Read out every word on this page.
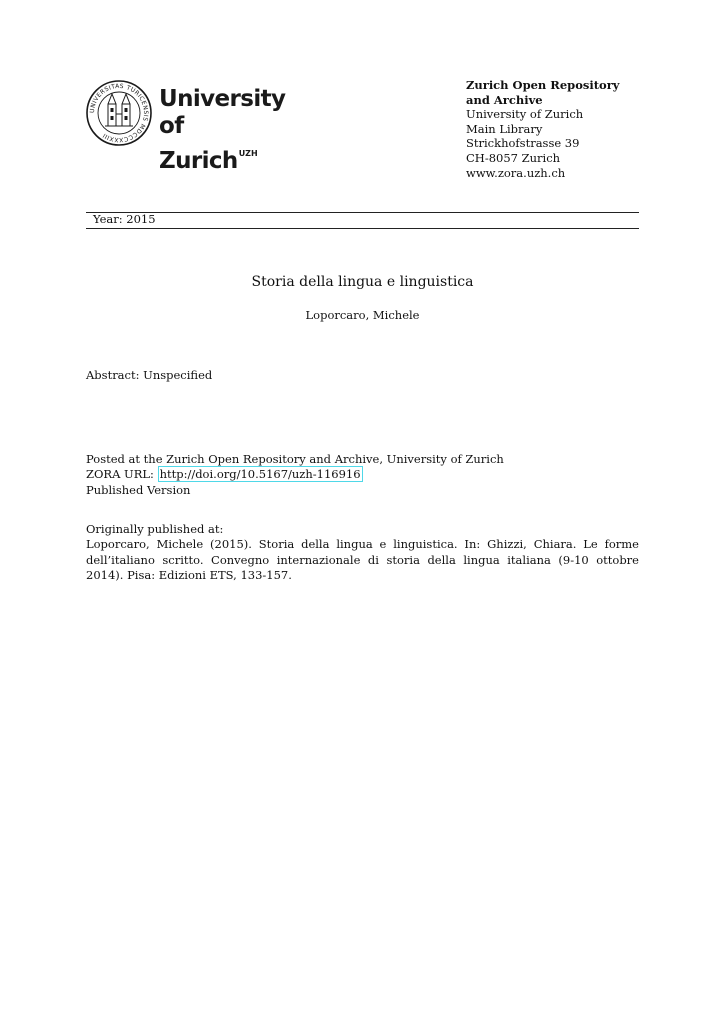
UNIVERSITAS TURICENSIS MDCCCXXXIII
University of
Zurich$^{UZH}$
Zurich Open Repository and Archive
University of Zurich
Main Library
Strickhofstrasse 39
CH-8057 Zurich
www.zora.uzh.ch
Year: 2015
Storia della lingua e linguistica
Loporcaro, Michele
Abstract: Unspecified
Posted at the Zurich Open Repository and Archive, University of Zurich
ZORA URL: http://doi.org/10.5167/uzh-116916
Published Version
Originally published at:
Loporcaro, Michele (2015). Storia della lingua e linguistica. In: Ghizzi, Chiara. Le forme dell’italiano scritto. Convegno internazionale di storia della lingua italiana (9-10 ottobre 2014). Pisa: Edizioni ETS, 133-157.
